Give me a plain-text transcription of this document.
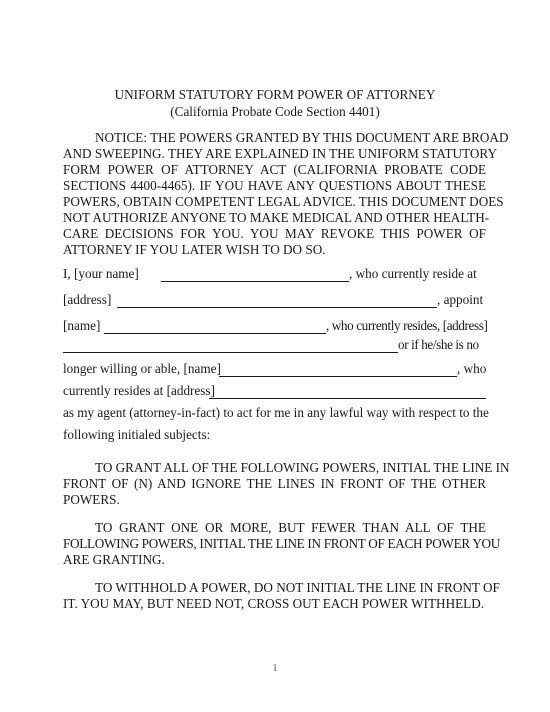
UNIFORM STATUTORY FORM POWER OF ATTORNEY
(California Probate Code Section 4401)
NOTICE: THE POWERS GRANTED BY THIS DOCUMENT ARE BROAD
AND SWEEPING. THEY ARE EXPLAINED IN THE UNIFORM STATUTORY
FORM POWER OF ATTORNEY ACT (CALIFORNIA PROBATE CODE
SECTIONS 4400-4465). IF YOU HAVE ANY QUESTIONS ABOUT THESE
POWERS, OBTAIN COMPETENT LEGAL ADVICE. THIS DOCUMENT DOES
NOT AUTHORIZE ANYONE TO MAKE MEDICAL AND OTHER HEALTH-
CARE DECISIONS FOR YOU. YOU MAY REVOKE THIS POWER OF
ATTORNEY IF YOU LATER WISH TO DO SO.
I, [your name]	, who currently reside at
[address]	, appoint
[name]	, who currently resides, [address]
or if he/she is no
longer willing or able, [name]	, who
currently resides at [address]
as my agent (attorney-in-fact) to act for me in any lawful way with respect to the
following initialed subjects:
TO GRANT ALL OF THE FOLLOWING POWERS, INITIAL THE LINE IN
FRONT OF (N) AND IGNORE THE LINES IN FRONT OF THE OTHER
POWERS.
TO GRANT ONE OR MORE, BUT FEWER THAN ALL OF THE
FOLLOWING POWERS, INITIAL THE LINE IN FRONT OF EACH POWER YOU
ARE GRANTING.
TO WITHHOLD A POWER, DO NOT INITIAL THE LINE IN FRONT OF
IT. YOU MAY, BUT NEED NOT, CROSS OUT EACH POWER WITHHELD.
1
